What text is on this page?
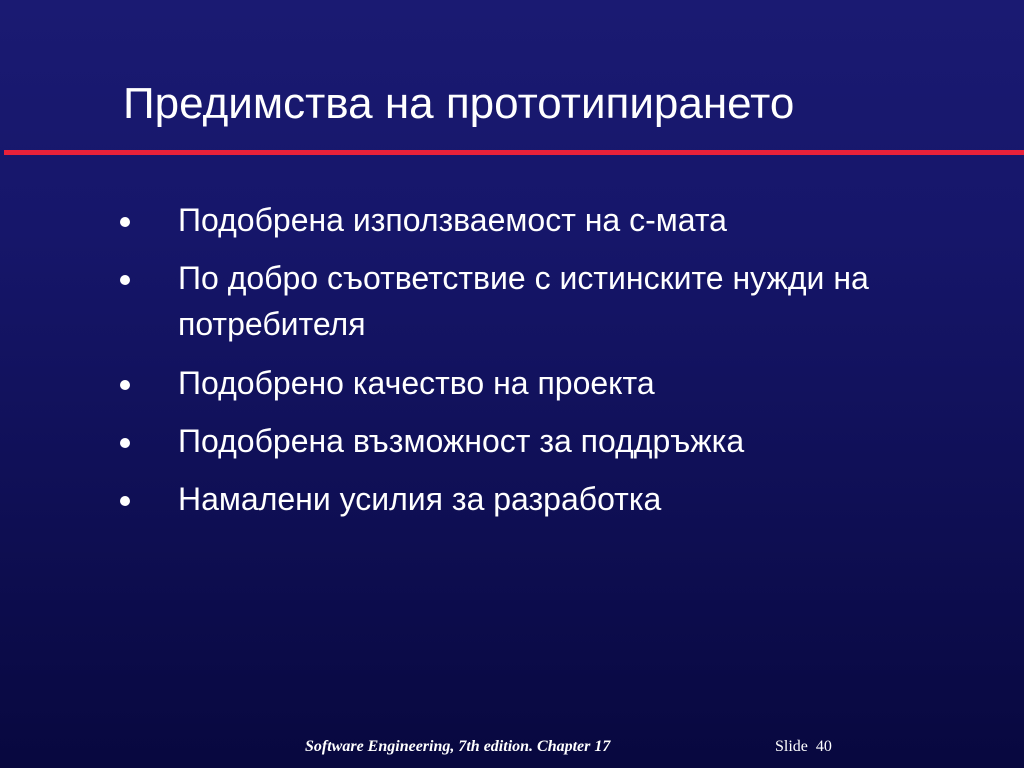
Предимства на прототипирането
Подобрена използваемост на с-мата
По добро съответствие с истинските нужди на потребителя
Подобрено качество на проекта
Подобрена възможност за поддръжка
Намалени усилия за разработка
Software Engineering, 7th edition. Chapter 17	Slide 40
